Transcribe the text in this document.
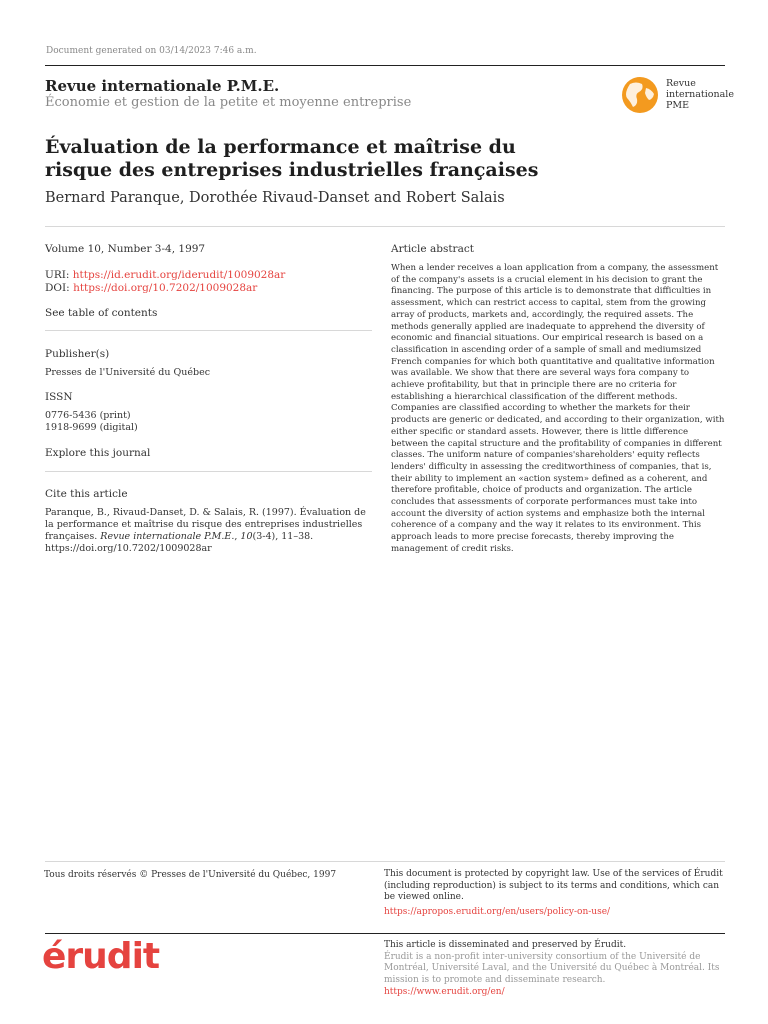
Document generated on 03/14/2023 7:46 a.m.
Revue internationale P.M.E.
Économie et gestion de la petite et moyenne entreprise
Revue
internationale
PME
Évaluation de la performance et maîtrise du risque des entreprises industrielles françaises
Bernard Paranque, Dorothée Rivaud-Danset and Robert Salais
Volume 10, Number 3-4, 1997
URI: https://id.erudit.org/iderudit/1009028ar
DOI: https://doi.org/10.7202/1009028ar
See table of contents
Publisher(s)
Presses de l'Université du Québec
ISSN
0776-5436 (print)
1918-9699 (digital)
Explore this journal
Cite this article
Paranque, B., Rivaud-Danset, D. & Salais, R. (1997). Évaluation de la performance et maîtrise du risque des entreprises industrielles françaises. Revue internationale P.M.E., 10(3-4), 11–38. https://doi.org/10.7202/1009028ar
Article abstract
When a lender receives a loan application from a company, the assessment of the company's assets is a crucial element in his decision to grant the financing. The purpose of this article is to demonstrate that difficulties in assessment, which can restrict access to capital, stem from the growing array of products, markets and, accordingly, the required assets. The methods generally applied are inadequate to apprehend the diversity of economic and financial situations. Our empirical research is based on a classification in ascending order of a sample of small and mediumsized French companies for which both quantitative and qualitative information was available. We show that there are several ways fora company to achieve profitability, but that in principle there are no criteria for establishing a hierarchical classification of the different methods. Companies are classified according to whether the markets for their products are generic or dedicated, and according to their organization, with either specific or standard assets. However, there is little difference between the capital structure and the profitability of companies in different classes. The uniform nature of companies'shareholders' equity reflects lenders' difficulty in assessing the creditworthiness of companies, that is, their ability to implement an «action system» defined as a coherent, and therefore profitable, choice of products and organization. The article concludes that assessments of corporate performances must take into account the diversity of action systems and emphasize both the internal coherence of a company and the way it relates to its environment. This approach leads to more precise forecasts, thereby improving the management of credit risks.
Tous droits réservés © Presses de l'Université du Québec, 1997	This document is protected by copyright law. Use of the services of Érudit (including reproduction) is subject to its terms and conditions, which can be viewed online.
https://apropos.erudit.org/en/users/policy-on-use/
érudit	This article is disseminated and preserved by Érudit.
Érudit is a non-profit inter-university consortium of the Université de Montréal, Université Laval, and the Université du Québec à Montréal. Its mission is to promote and disseminate research.
https://www.erudit.org/en/
